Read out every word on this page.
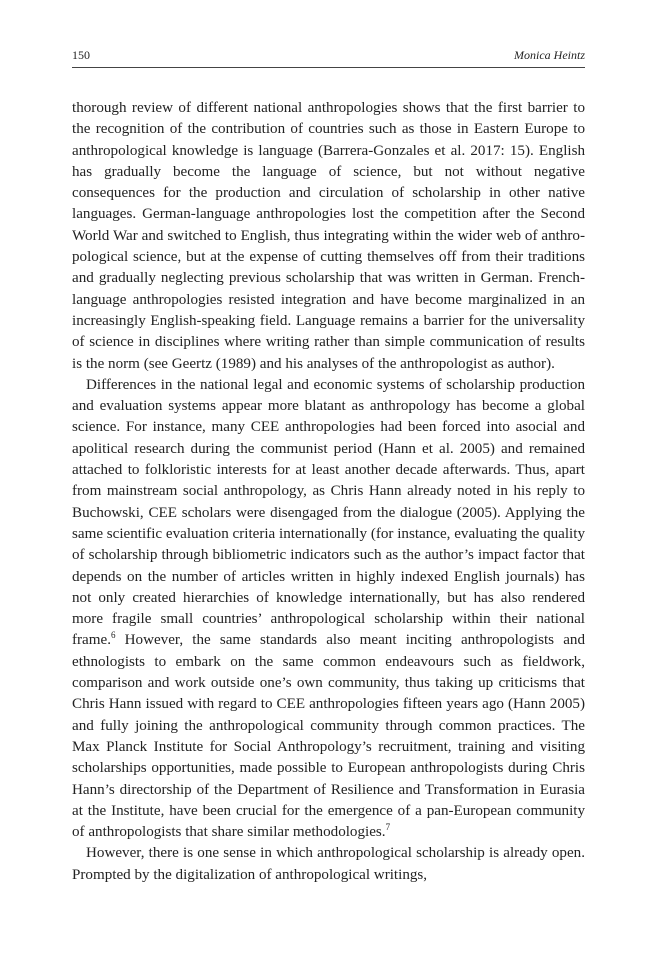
150	Monica Heintz

thorough review of different national anthropologies shows that the first barrier to the recognition of the contribution of countries such as those in Eastern Europe to anthropological knowledge is language (Barrera-Gonzales et al. 2017: 15). English has gradually become the language of science, but not without negative consequences for the production and circulation of scholarship in other native languages. German-language anthropologies lost the competition after the Second World War and switched to English, thus integrating within the wider web of anthropological science, but at the expense of cutting themselves off from their traditions and gradually neglecting previous scholarship that was written in German. French-language anthropologies resisted integration and have become marginalized in an increasingly English-speaking field. Language remains a barrier for the universality of science in disciplines where writing rather than simple communication of results is the norm (see Geertz (1989) and his analyses of the anthropologist as author).

Differences in the national legal and economic systems of scholarship production and evaluation systems appear more blatant as anthropology has become a global science. For instance, many CEE anthropologies had been forced into asocial and apolitical research during the communist period (Hann et al. 2005) and remained attached to folkloristic interests for at least another decade afterwards. Thus, apart from mainstream social anthropology, as Chris Hann already noted in his reply to Buchowski, CEE scholars were disengaged from the dialogue (2005). Applying the same scientific evaluation criteria internationally (for instance, evaluating the quality of scholarship through bibliometric indicators such as the author’s impact factor that depends on the number of articles written in highly indexed English journals) has not only created hierarchies of knowledge internationally, but has also rendered more fragile small countries’ anthropological scholarship within their national frame.$^6$ However, the same standards also meant inciting anthropologists and ethnologists to embark on the same common endeavours such as fieldwork, comparison and work outside one’s own community, thus taking up criticisms that Chris Hann issued with regard to CEE anthropologies fifteen years ago (Hann 2005) and fully joining the anthropological community through common practices. The Max Planck Institute for Social Anthropology’s recruitment, training and visiting scholarships opportunities, made possible to European anthropologists during Chris Hann’s directorship of the Department of Resilience and Transformation in Eurasia at the Institute, have been crucial for the emergence of a pan-European community of anthropologists that share similar methodologies.$^7$

However, there is one sense in which anthropological scholarship is already open. Prompted by the digitalization of anthropological writings,
